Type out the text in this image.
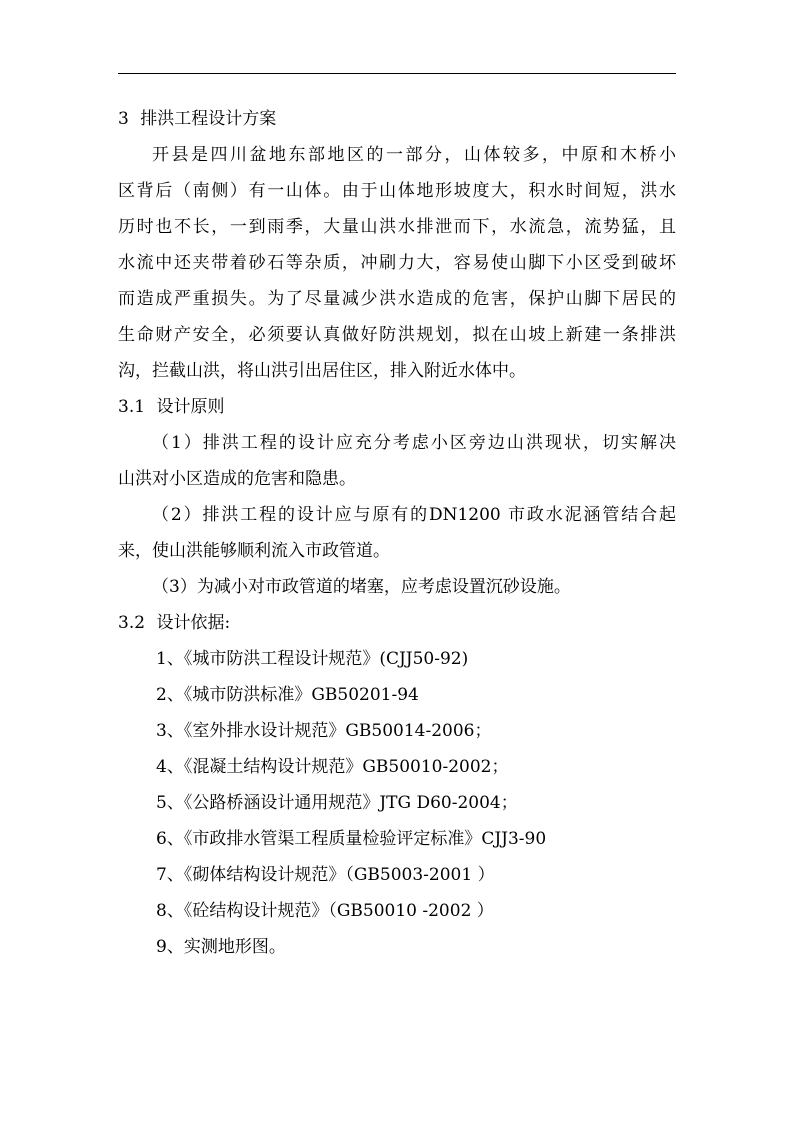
3 排洪工程设计方案
开县是四川盆地东部地区的一部分，山体较多，中原和木桥小
区背后（南侧）有一山体。由于山体地形坡度大，积水时间短，洪水
历时也不长，一到雨季，大量山洪水排泄而下，水流急，流势猛，且
水流中还夹带着砂石等杂质，冲刷力大，容易使山脚下小区受到破坏
而造成严重损失。为了尽量减少洪水造成的危害，保护山脚下居民的
生命财产安全，必须要认真做好防洪规划，拟在山坡上新建一条排洪
沟，拦截山洪，将山洪引出居住区，排入附近水体中。
3.1 设计原则
（1）排洪工程的设计应充分考虑小区旁边山洪现状，切实解决
山洪对小区造成的危害和隐患。
（2）排洪工程的设计应与原有的DN1200 市政水泥涵管结合起
来，使山洪能够顺利流入市政管道。
（3）为减小对市政管道的堵塞，应考虑设置沉砂设施。
3.2 设计依据:
1、《城市防洪工程设计规范》(CJJ50-92)
2、《城市防洪标准》GB50201-94
3、《室外排水设计规范》GB50014-2006；
4、《混凝土结构设计规范》GB50010-2002；
5、《公路桥涵设计通用规范》JTG D60-2004；
6、《市政排水管渠工程质量检验评定标准》CJJ3-90
7、《砌体结构设计规范》（GB5003-2001 ）
8、《砼结构设计规范》（GB50010 -2002 ）
9、实测地形图。
